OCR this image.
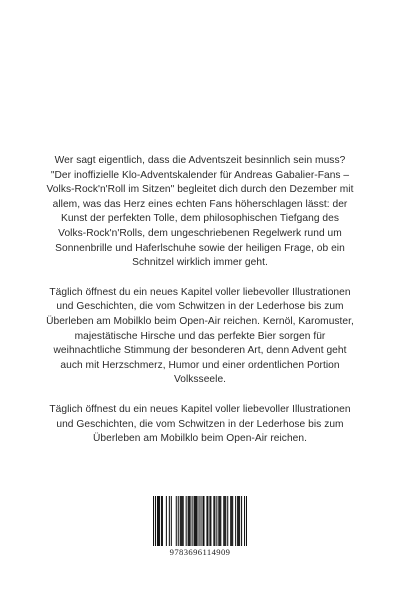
Wer sagt eigentlich, dass die Adventszeit besinnlich sein muss? "Der inoffizielle Klo-Adventskalender für Andreas Gabalier-Fans – Volks-Rock'n'Roll im Sitzen" begleitet dich durch den Dezember mit allem, was das Herz eines echten Fans höherschlagen lässt: der Kunst der perfekten Tolle, dem philosophischen Tiefgang des Volks-Rock'n'Rolls, dem ungeschriebenen Regelwerk rund um Sonnenbrille und Haferlschuhe sowie der heiligen Frage, ob ein Schnitzel wirklich immer geht.

Täglich öffnest du ein neues Kapitel voller liebevoller Illustrationen und Geschichten, die vom Schwitzen in der Lederhose bis zum Überleben am Mobilklo beim Open-Air reichen. Kernöl, Karomuster, majestätische Hirsche und das perfekte Bier sorgen für weihnachtliche Stimmung der besonderen Art, denn Advent geht auch mit Herzschmerz, Humor und einer ordentlichen Portion Volksseele.

Täglich öffnest du ein neues Kapitel voller liebevoller Illustrationen und Geschichten, die vom Schwitzen in der Lederhose bis zum Überleben am Mobilklo beim Open-Air reichen.

9783696114909
